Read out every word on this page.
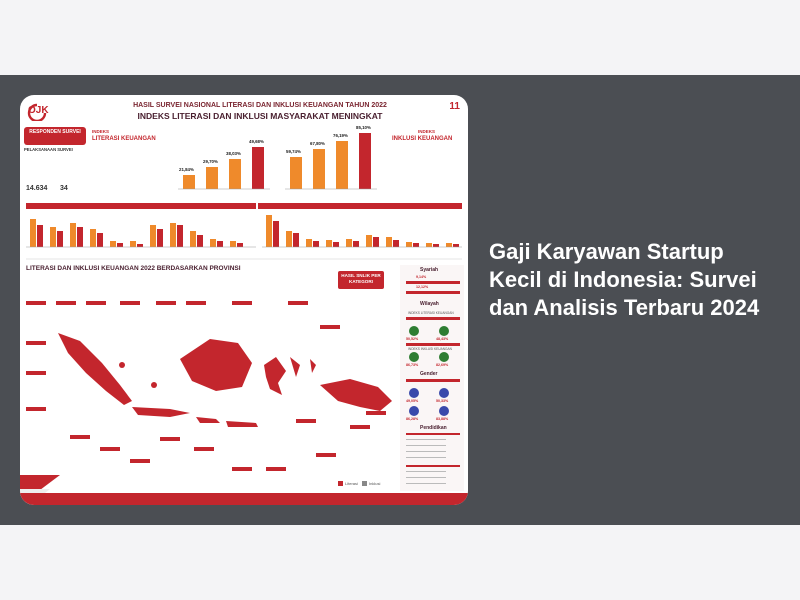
OJK	11
HASIL SURVEI NASIONAL LITERASI DAN INKLUSI KEUANGAN TAHUN 2022
INDEKS LITERASI DAN INKLUSI MASYARAKAT MENINGKAT
RESPONDEN SURVEI
PELAKSANAAN SURVEI

14.634 34
INDEKS
LITERASI KEUANGAN
INDEKS
INKLUSI KEUANGAN
21,84%
29,70%
38,03%
49,68%
59,74%
67,80%
76,19%
85,10%
LITERASI DAN INKLUSI KEUANGAN 2022 BERDASARKAN PROVINSI
HASIL SNLIK PER KATEGORI
Syariah
9,14%
12,12%
Wilayah
INDEKS LITERASI KEUANGAN
50,52%	48,43%
INDEKS INKLUSI KEUANGAN
86,73%	82,69%
Gender
49,05%	50,33%
86,28%	83,88%
Pendidikan
Literasi	Inklusi
Gaji Karyawan Startup Kecil di Indonesia: Survei dan Analisis Terbaru 2024
